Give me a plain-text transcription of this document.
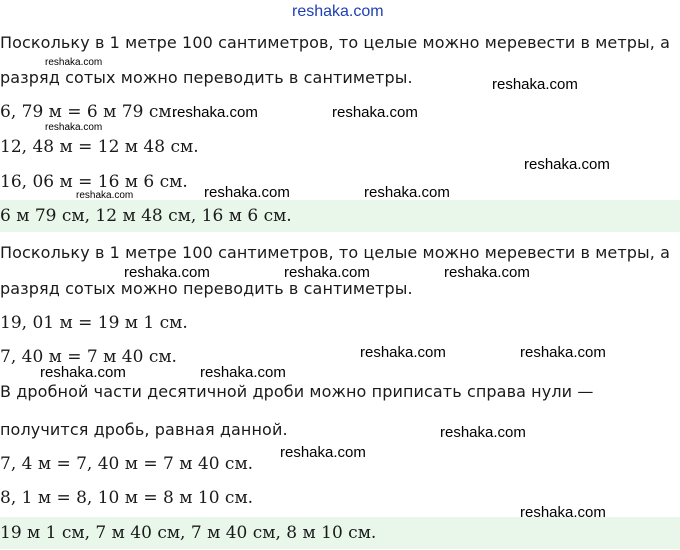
reshaka.com
Поскольку в 1 метре 100 сантиметров, то целые можно меревести в метры, а
разряд сотых можно переводить в сантиметры.
6, 79 м = 6 м 79 см.
12, 48 м = 12 м 48 см.
16, 06 м = 16 м 6 см.
6 м 79 см, 12 м 48 см, 16 м 6 см.
Поскольку в 1 метре 100 сантиметров, то целые можно меревести в метры, а
разряд сотых можно переводить в сантиметры.
19, 01 м = 19 м 1 см.
7, 40 м = 7 м 40 см.
В дробной части десятичной дроби можно приписать справа нули —
получится дробь, равная данной.
7, 4 м = 7, 40 м = 7 м 40 см.
8, 1 м = 8, 10 м = 8 м 10 см.
19 м 1 см, 7 м 40 см, 7 м 40 см, 8 м 10 см.
reshaka.com
reshaka.com
reshaka.com
reshaka.com
reshaka.com	reshaka.com
reshaka.com
reshaka.com	reshaka.com
reshaka.com	reshaka.com	reshaka.com
reshaka.com	reshaka.com
reshaka.com	reshaka.com
reshaka.com
reshaka.com
reshaka.com
